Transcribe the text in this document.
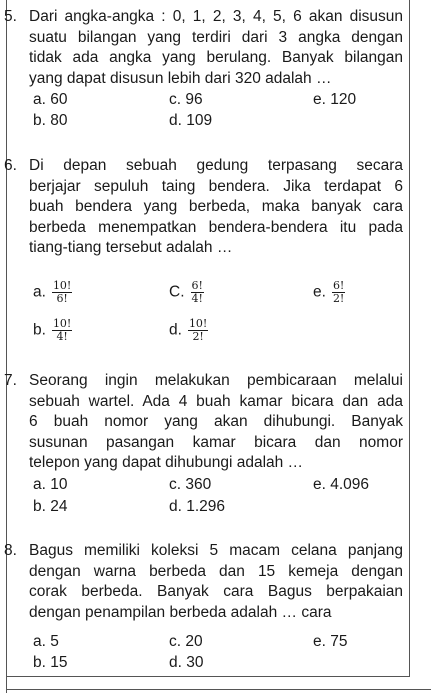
5. Dari angka-angka : 0, 1, 2, 3, 4, 5, 6 akan disusun
suatu bilangan yang terdiri dari 3 angka dengan
tidak ada angka yang berulang. Banyak bilangan
yang dapat disusun lebih dari 320 adalah …
a. 60	c. 96	e. 120
b. 80	d. 109
6. Di depan sebuah gedung terpasang secara
berjajar sepuluh taing bendera. Jika terdapat 6
buah bendera yang berbeda, maka banyak cara
berbeda menempatkan bendera-bendera itu pada
tiang-tiang tersebut adalah …
a. $\frac{10!}{6!}$	C. $\frac{6!}{4!}$	e. $\frac{6!}{2!}$
b. $\frac{10!}{4!}$	d. $\frac{10!}{2!}$
7. Seorang ingin melakukan pembicaraan melalui
sebuah wartel. Ada 4 buah kamar bicara dan ada
6 buah nomor yang akan dihubungi. Banyak
susunan pasangan kamar bicara dan nomor
telepon yang dapat dihubungi adalah …
a. 10	c. 360	e. 4.096
b. 24	d. 1.296
8. Bagus memiliki koleksi 5 macam celana panjang
dengan warna berbeda dan 15 kemeja dengan
corak berbeda. Banyak cara Bagus berpakaian
dengan penampilan berbeda adalah … cara
a. 5	c. 20	e. 75
b. 15	d. 30
